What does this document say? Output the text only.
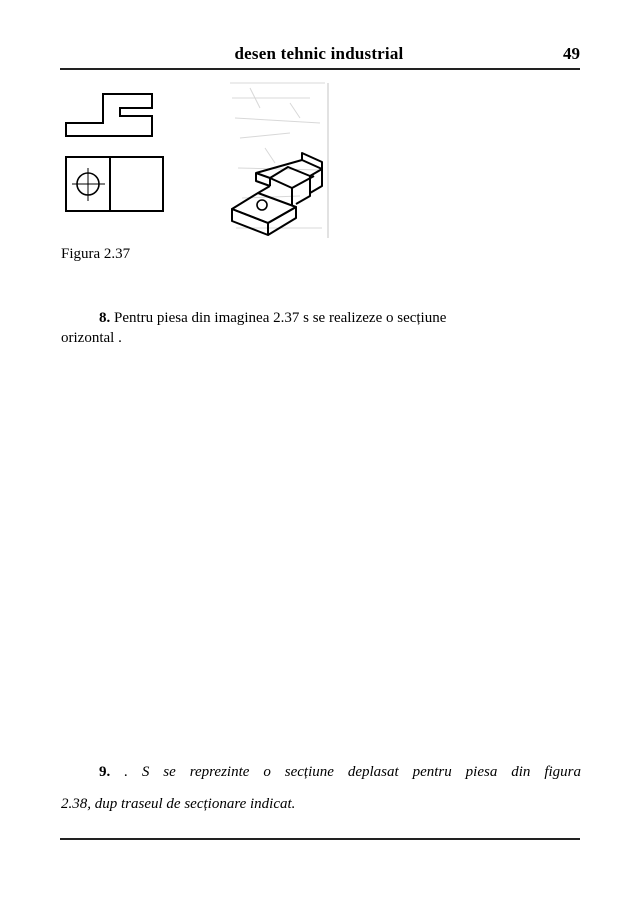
desen tehnic industrial	49
Figura 2.37
8. Pentru piesa din imaginea 2.37 s se realizeze o secțiune
orizontal .
9. . S se reprezinte o secțiune deplasat pentru piesa din figura
2.38, dup traseul de secționare indicat.
